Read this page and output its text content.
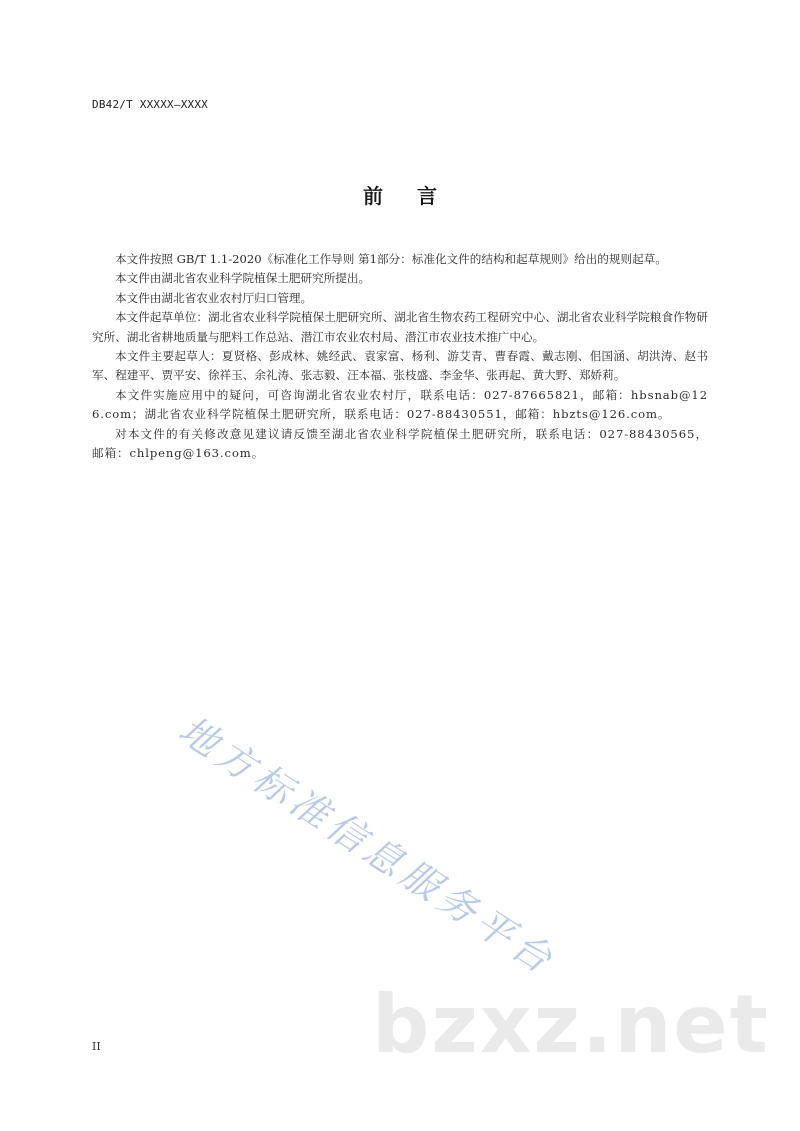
DB42/T XXXXX—XXXX
前言

本文件按照 GB/T 1.1-2020《标准化工作导则 第1部分：标准化文件的结构和起草规则》给出的规则起草。

本文件由湖北省农业科学院植保土肥研究所提出。

本文件由湖北省农业农村厅归口管理。

本文件起草单位：湖北省农业科学院植保土肥研究所、湖北省生物农药工程研究中心、湖北省农业科学院粮食作物研究所、湖北省耕地质量与肥料工作总站、潜江市农业农村局、潜江市农业技术推广中心。

本文件主要起草人：夏贤格、彭成林、姚经武、袁家富、杨利、游艾青、曹春霞、戴志刚、佀国涵、胡洪涛、赵书军、程建平、贾平安、徐祥玉、余礼涛、张志毅、汪本福、张枝盛、李金华、张再起、黄大野、郑娇莉。

本文件实施应用中的疑问，可咨询湖北省农业农村厅，联系电话：027-87665821，邮箱：hbsnab@126.com；湖北省农业科学院植保土肥研究所，联系电话：027-88430551，邮箱：hbzts@126.com。

对本文件的有关修改意见建议请反馈至湖北省农业科学院植保土肥研究所，联系电话：027-88430565，邮箱：chlpeng@163.com。

地方标准信息服务平台
bzxz.net
II
